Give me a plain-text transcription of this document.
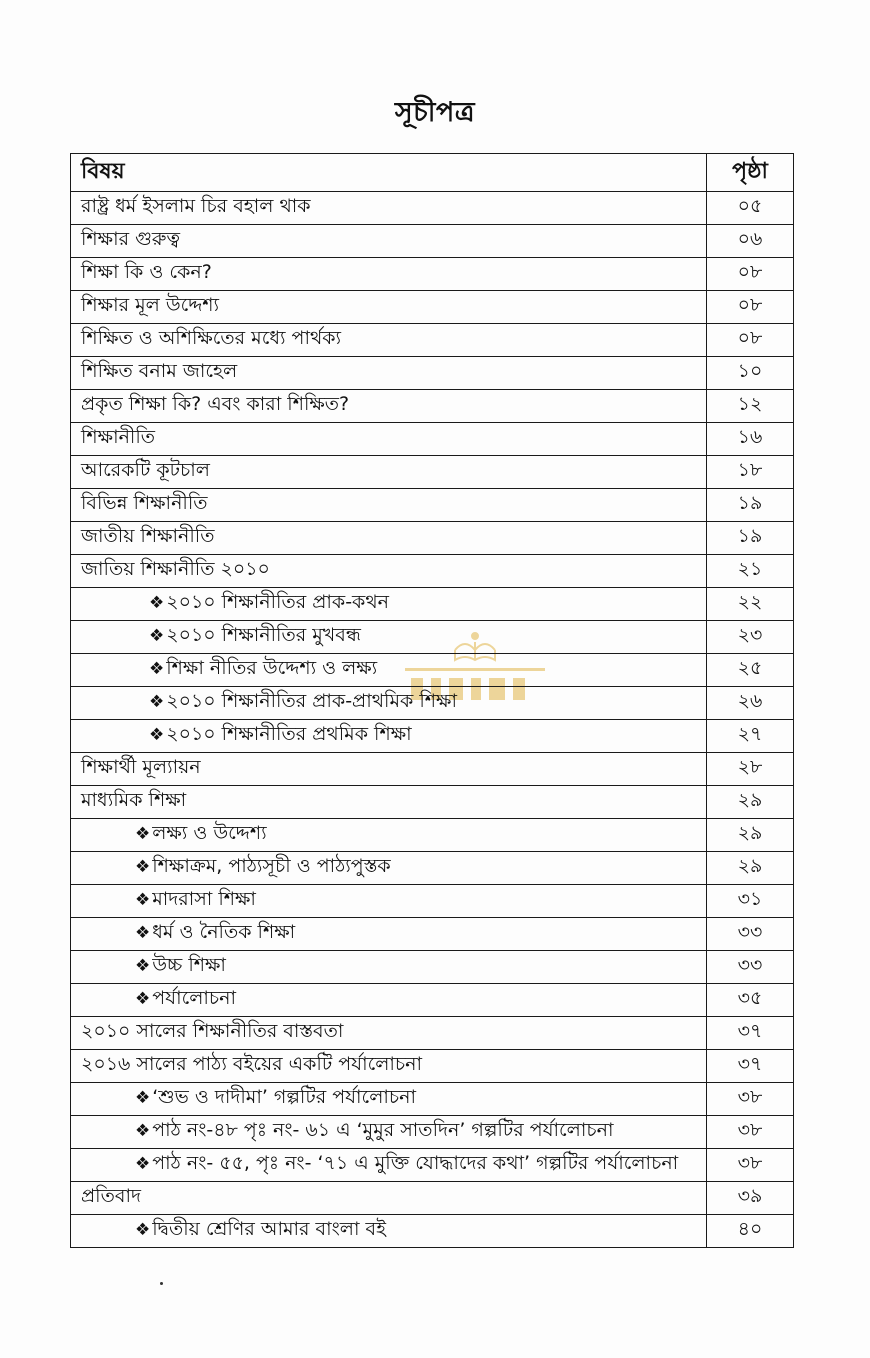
সূচীপত্র
বিষয়	পৃষ্ঠা
রাষ্ট্র ধর্ম ইসলাম চির বহাল থাক	০৫
শিক্ষার গুরুত্ব	০৬
শিক্ষা কি ও কেন?	০৮
শিক্ষার মূল উদ্দেশ্য	০৮
শিক্ষিত ও অশিক্ষিতের মধ্যে পার্থক্য	০৮
শিক্ষিত বনাম জাহেল	১০
প্রকৃত শিক্ষা কি? এবং কারা শিক্ষিত?	১২
শিক্ষানীতি	১৬
আরেকটি কূটচাল	১৮
বিভিন্ন শিক্ষানীতি	১৯
জাতীয় শিক্ষানীতি	১৯
জাতিয় শিক্ষানীতি ২০১০	২১
❖ ২০১০ শিক্ষানীতির প্রাক-কথন	২২
❖ ২০১০ শিক্ষানীতির মুখবন্ধ	২৩
❖ শিক্ষা নীতির উদ্দেশ্য ও লক্ষ্য	২৫
❖ ২০১০ শিক্ষানীতির প্রাক-প্রাথমিক শিক্ষা	২৬
❖ ২০১০ শিক্ষানীতির প্রথমিক শিক্ষা	২৭
শিক্ষার্থী মূল্যায়ন	২৮
মাধ্যমিক শিক্ষা	২৯
❖ লক্ষ্য ও উদ্দেশ্য	২৯
❖ শিক্ষাক্রম, পাঠ্যসূচী ও পাঠ্যপুস্তক	২৯
❖ মাদরাসা শিক্ষা	৩১
❖ ধর্ম ও নৈতিক শিক্ষা	৩৩
❖ উচ্চ শিক্ষা	৩৩
❖ পর্যালোচনা	৩৫
২০১০ সালের শিক্ষানীতির বাস্তবতা	৩৭
২০১৬ সালের পাঠ্য বইয়ের একটি পর্যালোচনা	৩৭
❖ ‘শুভ ও দাদীমা’ গল্পটির পর্যালোচনা	৩৮
❖ পাঠ নং-৪৮ পৃঃ নং- ৬১ এ ‘মুমুর সাতদিন’ গল্পটির পর্যালোচনা	৩৮
❖ পাঠ নং- ৫৫, পৃঃ নং- ‘৭১ এ মুক্তি যোদ্ধাদের কথা’ গল্পটির পর্যালোচনা	৩৮
প্রতিবাদ	৩৯
❖ দ্বিতীয় শ্রেণির আমার বাংলা বই	৪০
